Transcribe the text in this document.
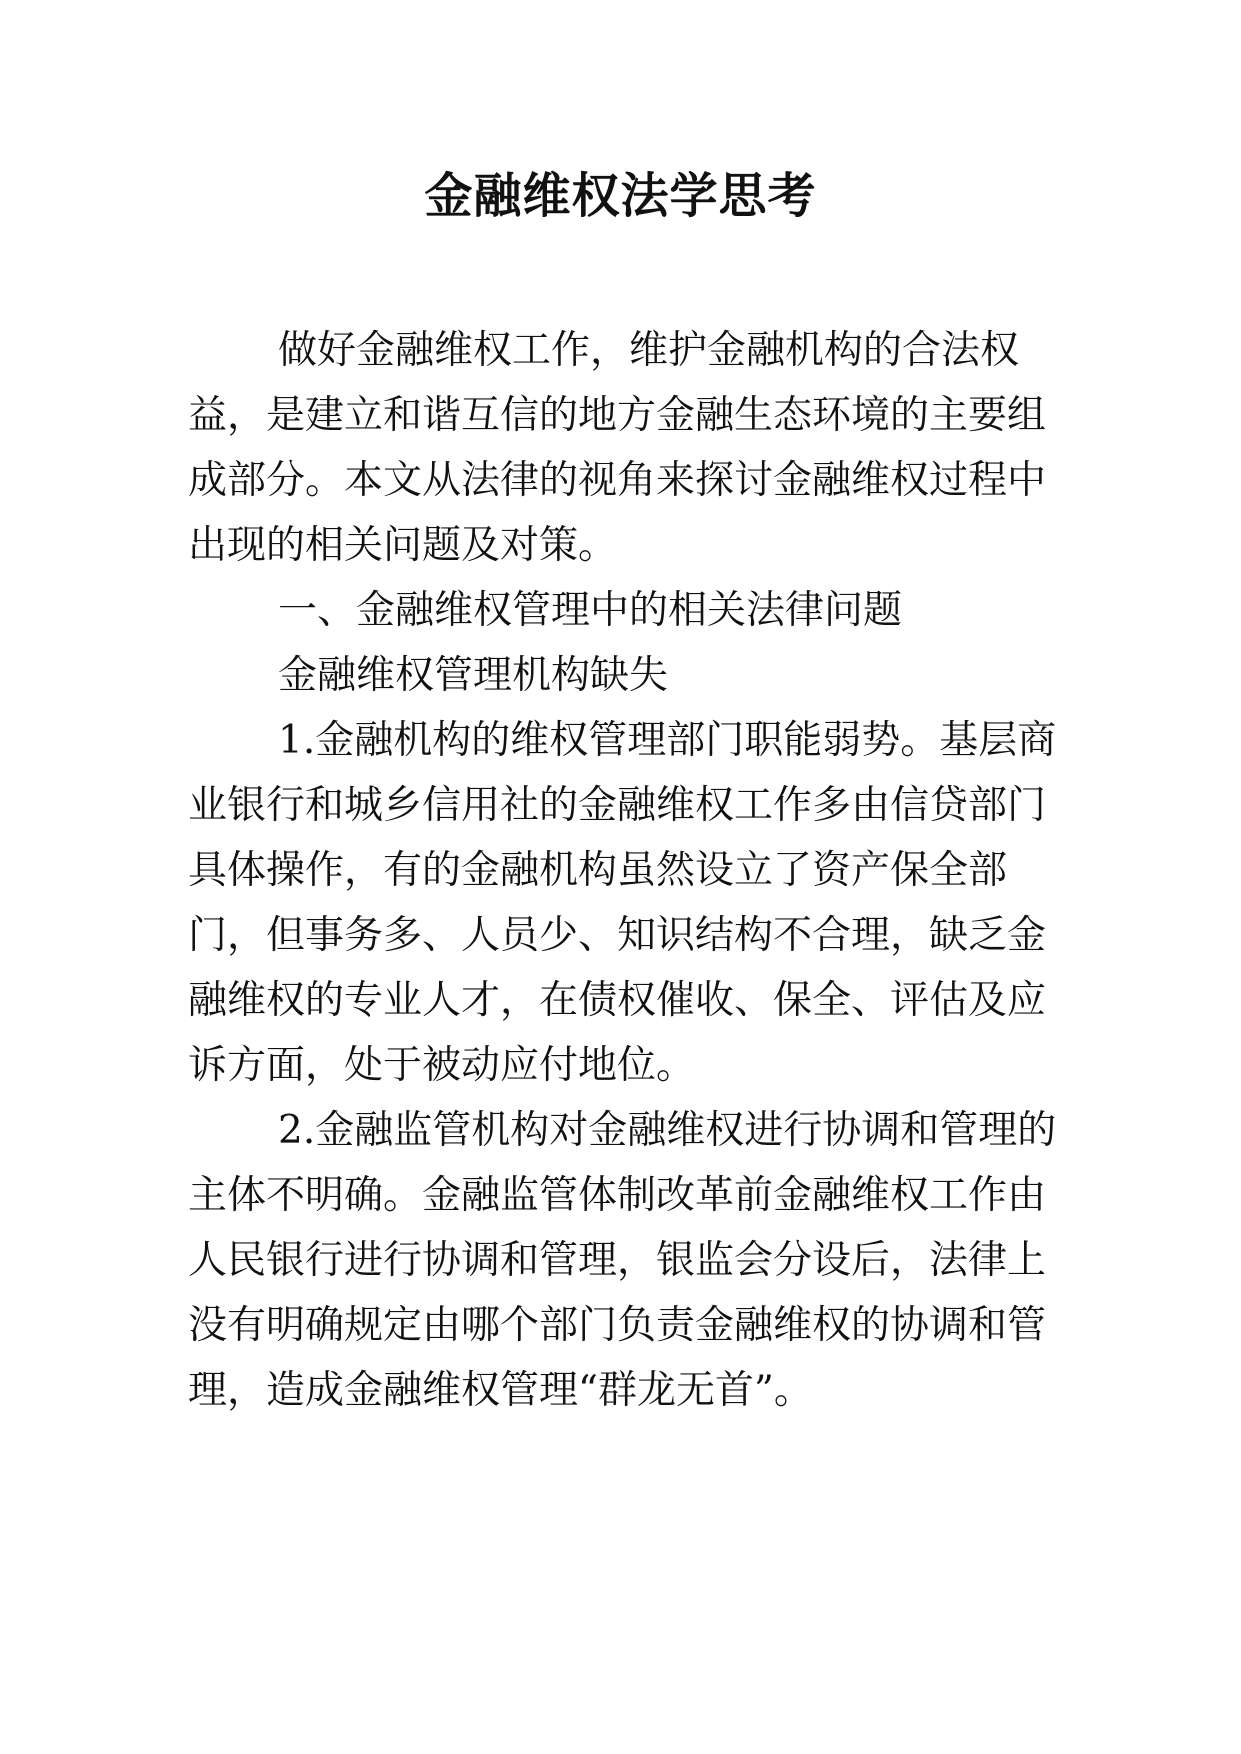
金融维权法学思考

做好金融维权工作，维护金融机构的合法权益，是建立和谐互信的地方金融生态环境的主要组成部分。本文从法律的视角来探讨金融维权过程中出现的相关问题及对策。

一、金融维权管理中的相关法律问题

金融维权管理机构缺失

1.金融机构的维权管理部门职能弱势。基层商业银行和城乡信用社的金融维权工作多由信贷部门具体操作，有的金融机构虽然设立了资产保全部门，但事务多、人员少、知识结构不合理，缺乏金融维权的专业人才，在债权催收、保全、评估及应诉方面，处于被动应付地位。

2.金融监管机构对金融维权进行协调和管理的主体不明确。金融监管体制改革前金融维权工作由人民银行进行协调和管理，银监会分设后，法律上没有明确规定由哪个部门负责金融维权的协调和管理，造成金融维权管理“群龙无首”。
